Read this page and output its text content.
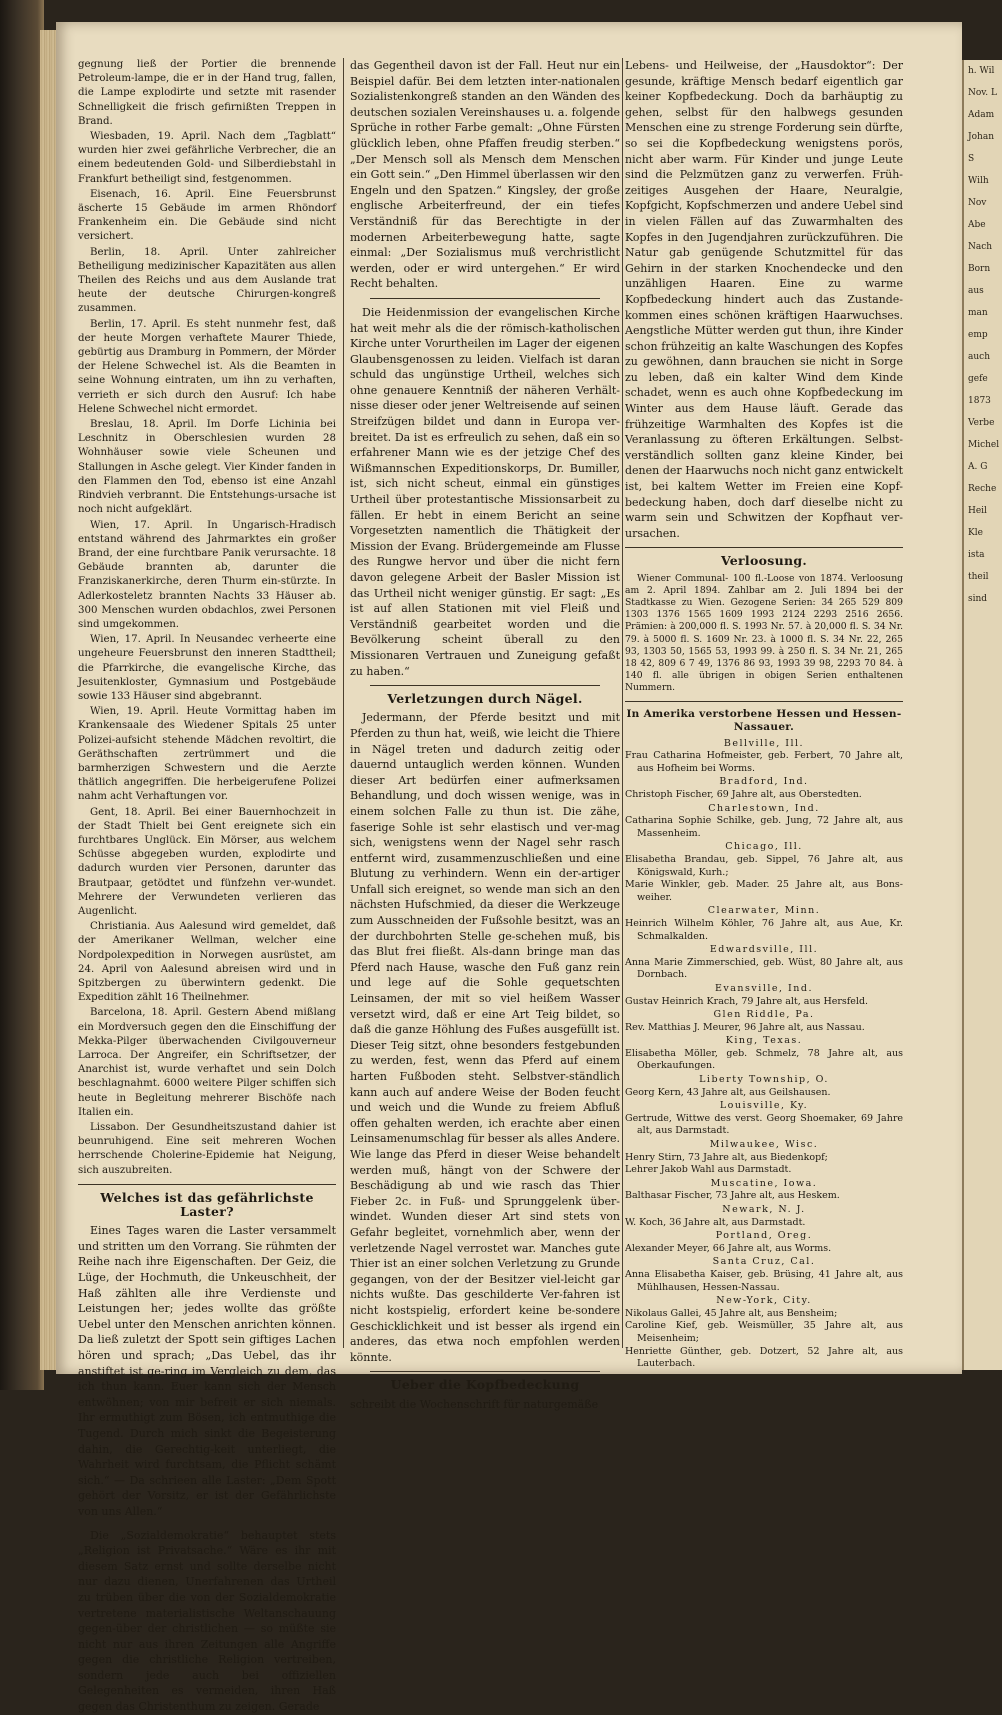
gegnung ließ der Portier die brennende Petroleum-lampe, die er in der Hand trug, fallen, die Lampe explodirte und setzte mit rasender Schnelligkeit die frisch gefirnißten Treppen in Brand.

Wiesbaden, 19. April. Nach dem „Tagblatt“ wurden hier zwei gefährliche Verbrecher, die an einem bedeutenden Gold- und Silberdiebstahl in Frankfurt betheiligt sind, festgenommen.

Eisenach, 16. April. Eine Feuersbrunst äscherte 15 Gebäude im armen Rhöndorf Frankenheim ein. Die Gebäude sind nicht versichert.

Berlin, 18. April. Unter zahlreicher Betheiligung medizinischer Kapazitäten aus allen Theilen des Reichs und aus dem Auslande trat heute der deutsche Chirurgen-kongreß zusammen.

Berlin, 17. April. Es steht nunmehr fest, daß der heute Morgen verhaftete Maurer Thiede, gebürtig aus Dramburg in Pommern, der Mörder der Helene Schwechel ist. Als die Beamten in seine Wohnung eintraten, um ihn zu verhaften, verrieth er sich durch den Ausruf: Ich habe Helene Schwechel nicht ermordet.

Breslau, 18. April. Im Dorfe Lichinia bei Leschnitz in Oberschlesien wurden 28 Wohnhäuser sowie viele Scheunen und Stallungen in Asche gelegt. Vier Kinder fanden in den Flammen den Tod, ebenso ist eine Anzahl Rindvieh verbrannt. Die Entstehungs-ursache ist noch nicht aufgeklärt.

Wien, 17. April. In Ungarisch-Hradisch entstand während des Jahrmarktes ein großer Brand, der eine furchtbare Panik verursachte. 18 Gebäude brannten ab, darunter die Franziskanerkirche, deren Thurm ein-stürzte. In Adlerkosteletz brannten Nachts 33 Häuser ab. 300 Menschen wurden obdachlos, zwei Personen sind umgekommen.

Wien, 17. April. In Neusandec verheerte eine ungeheure Feuersbrunst den inneren Stadttheil; die Pfarrkirche, die evangelische Kirche, das Jesuitenkloster, Gymnasium und Postgebäude sowie 133 Häuser sind abgebrannt.

Wien, 19. April. Heute Vormittag haben im Krankensaale des Wiedener Spitals 25 unter Polizei-aufsicht stehende Mädchen revoltirt, die Geräthschaften zertrümmert und die barmherzigen Schwestern und die Aerzte thätlich angegriffen. Die herbeigerufene Polizei nahm acht Verhaftungen vor.

Gent, 18. April. Bei einer Bauernhochzeit in der Stadt Thielt bei Gent ereignete sich ein furchtbares Unglück. Ein Mörser, aus welchem Schüsse abgegeben wurden, explodirte und dadurch wurden vier Personen, darunter das Brautpaar, getödtet und fünfzehn ver-wundet. Mehrere der Verwundeten verlieren das Augenlicht.

Christiania. Aus Aalesund wird gemeldet, daß der Amerikaner Wellman, welcher eine Nordpolexpedition in Norwegen ausrüstet, am 24. April von Aalesund abreisen wird und in Spitzbergen zu überwintern gedenkt. Die Expedition zählt 16 Theilnehmer.

Barcelona, 18. April. Gestern Abend mißlang ein Mordversuch gegen den die Einschiffung der Mekka-Pilger überwachenden Civilgouverneur Larroca. Der Angreifer, ein Schriftsetzer, der Anarchist ist, wurde verhaftet und sein Dolch beschlagnahmt. 6000 weitere Pilger schiffen sich heute in Begleitung mehrerer Bischöfe nach Italien ein.

Lissabon. Der Gesundheitszustand dahier ist beunruhigend. Eine seit mehreren Wochen herrschende Cholerine-Epidemie hat Neigung, sich auszubreiten.

Welches ist das gefährlichste Laster?

Eines Tages waren die Laster versammelt und stritten um den Vorrang. Sie rühmten der Reihe nach ihre Eigenschaften. Der Geiz, die Lüge, der Hochmuth, die Unkeuschheit, der Haß zählten alle ihre Verdienste und Leistungen her; jedes wollte das größte Uebel unter den Menschen anrichten können. Da ließ zuletzt der Spott sein giftiges Lachen hören und sprach; „Das Uebel, das ihr anstiftet ist ge-ring im Vergleich zu dem, das ich thun kann. Euer kann sich der Mensch entwöhnen; von mir befreit er sich niemals. Ihr ermuthigt zum Bösen, ich entmuthige die Tugend. Durch mich sinkt die Begeisterung dahin, die Gerechtig-keit unterliegt, die Wahrheit wird furchtsam, die Pflicht schämt sich.“ — Da schrieen alle Laster: „Dem Spott gehört der Vorsitz, er ist der Gefährlichste von uns Allen.“

Die „Sozialdemokratie“ behauptet stets „Religion ist Privatsache.“ Wäre es ihr mit diesem Satz ernst und sollte derselbe nicht nur dazu dienen, Unerfahrenen das Urtheil zu trüben über die von der Sozialdemokratie vertretene materialistische Weltanschauung gegen-über der christlichen — so müßte sie nicht nur aus ihren Zeitungen alle Angriffe gegen die christliche Religion vertreiben, sondern jede auch bei offiziellen Gelegenheiten es vermeiden, ihren Haß gegen das Christenthum zu zeigen. Gerade

das Gegentheil davon ist der Fall. Heut nur ein Beispiel dafür. Bei dem letzten inter-nationalen Sozialistenkongreß standen an den Wänden des deutschen sozialen Vereinshauses u. a. folgende Sprüche in rother Farbe gemalt: „Ohne Fürsten glücklich leben, ohne Pfaffen freudig sterben.“ „Der Mensch soll als Mensch dem Menschen ein Gott sein.“ „Den Himmel überlassen wir den Engeln und den Spatzen.“ Kingsley, der große englische Arbeiterfreund, der ein tiefes Verständniß für das Berechtigte in der modernen Arbeiterbewegung hatte, sagte einmal: „Der Sozialismus muß verchristlicht werden, oder er wird untergehen.“ Er wird Recht behalten.

Die Heidenmission der evangelischen Kirche hat weit mehr als die der römisch-katholischen Kirche unter Vorurtheilen im Lager der eigenen Glaubensgenossen zu leiden. Vielfach ist daran schuld das ungünstige Urtheil, welches sich ohne genauere Kenntniß der näheren Verhält-nisse dieser oder jener Weltreisende auf seinen Streifzügen bildet und dann in Europa ver-breitet. Da ist es erfreulich zu sehen, daß ein so erfahrener Mann wie es der jetzige Chef des Wißmannschen Expeditionskorps, Dr. Bumiller, ist, sich nicht scheut, einmal ein günstiges Urtheil über protestantische Missionsarbeit zu fällen. Er hebt in einem Bericht an seine Vorgesetzten namentlich die Thätigkeit der Mission der Evang. Brüdergemeinde am Flusse des Rungwe hervor und über die nicht fern davon gelegene Arbeit der Basler Mission ist das Urtheil nicht weniger günstig. Er sagt: „Es ist auf allen Stationen mit viel Fleiß und Verständniß gearbeitet worden und die Bevölkerung scheint überall zu den Missionaren Vertrauen und Zuneigung gefaßt zu haben.“

Verletzungen durch Nägel.

Jedermann, der Pferde besitzt und mit Pferden zu thun hat, weiß, wie leicht die Thiere in Nägel treten und dadurch zeitig oder dauernd untauglich werden können. Wunden dieser Art bedürfen einer aufmerksamen Behandlung, und doch wissen wenige, was in einem solchen Falle zu thun ist. Die zähe, faserige Sohle ist sehr elastisch und ver-mag sich, wenigstens wenn der Nagel sehr rasch entfernt wird, zusammenzuschließen und eine Blutung zu verhindern. Wenn ein der-artiger Unfall sich ereignet, so wende man sich an den nächsten Hufschmied, da dieser die Werkzeuge zum Ausschneiden der Fußsohle besitzt, was an der durchbohrten Stelle ge-schehen muß, bis das Blut frei fließt. Als-dann bringe man das Pferd nach Hause, wasche den Fuß ganz rein und lege auf die Sohle gequetschten Leinsamen, der mit so viel heißem Wasser versetzt wird, daß er eine Art Teig bildet, so daß die ganze Höhlung des Fußes ausgefüllt ist. Dieser Teig sitzt, ohne besonders festgebunden zu werden, fest, wenn das Pferd auf einem harten Fußboden steht. Selbstver-ständlich kann auch auf andere Weise der Boden feucht und weich und die Wunde zu freiem Abfluß offen gehalten werden, ich erachte aber einen Leinsamenumschlag für besser als alles Andere. Wie lange das Pferd in dieser Weise behandelt werden muß, hängt von der Schwere der Beschädigung ab und wie rasch das Thier Fieber 2c. in Fuß- und Sprunggelenk über-windet. Wunden dieser Art sind stets von Gefahr begleitet, vornehmlich aber, wenn der verletzende Nagel verrostet war. Manches gute Thier ist an einer solchen Verletzung zu Grunde gegangen, von der der Besitzer viel-leicht gar nichts wußte. Das geschilderte Ver-fahren ist nicht kostspielig, erfordert keine be-sondere Geschicklichkeit und ist besser als irgend ein anderes, das etwa noch empfohlen werden könnte.

Ueber die Kopfbedeckung

schreibt die Wochenschrift für naturgemäße

Lebens- und Heilweise, der „Hausdoktor“: Der gesunde, kräftige Mensch bedarf eigentlich gar keiner Kopfbedeckung. Doch da barhäuptig zu gehen, selbst für den halbwegs gesunden Menschen eine zu strenge Forderung sein dürfte, so sei die Kopfbedeckung wenigstens porös, nicht aber warm. Für Kinder und junge Leute sind die Pelzmützen ganz zu verwerfen. Früh-zeitiges Ausgehen der Haare, Neuralgie, Kopfgicht, Kopfschmerzen und andere Uebel sind in vielen Fällen auf das Zuwarmhalten des Kopfes in den Jugendjahren zurückzuführen. Die Natur gab genügende Schutzmittel für das Gehirn in der starken Knochendecke und den unzähligen Haaren. Eine zu warme Kopfbedeckung hindert auch das Zustande-kommen eines schönen kräftigen Haarwuchses. Aengstliche Mütter werden gut thun, ihre Kinder schon frühzeitig an kalte Waschungen des Kopfes zu gewöhnen, dann brauchen sie nicht in Sorge zu leben, daß ein kalter Wind dem Kinde schadet, wenn es auch ohne Kopfbedeckung im Winter aus dem Hause läuft. Gerade das frühzeitige Warmhalten des Kopfes ist die Veranlassung zu öfteren Erkältungen. Selbst-verständlich sollten ganz kleine Kinder, bei denen der Haarwuchs noch nicht ganz entwickelt ist, bei kaltem Wetter im Freien eine Kopf-bedeckung haben, doch darf dieselbe nicht zu warm sein und Schwitzen der Kopfhaut ver-ursachen.

Verloosung.

Wiener Communal- 100 fl.-Loose von 1874. Verloosung am 2. April 1894. Zahlbar am 2. Juli 1894 bei der Stadtkasse zu Wien. Gezogene Serien: 34 265 529 809 1303 1376 1565 1609 1993 2124 2293 2516 2656. Prämien: à 200,000 fl. S. 1993 Nr. 57. à 20,000 fl. S. 34 Nr. 79. à 5000 fl. S. 1609 Nr. 23. à 1000 fl. S. 34 Nr. 22, 265 93, 1303 50, 1565 53, 1993 99. à 250 fl. S. 34 Nr. 21, 265 18 42, 809 6 7 49, 1376 86 93, 1993 39 98, 2293 70 84. à 140 fl. alle übrigen in obigen Serien enthaltenen Nummern.

In Amerika verstorbene Hessen und Hessen-Nassauer.
Bellville, Ill.
Frau Catharina Hofmeister, geb. Ferbert, 70 Jahre alt, aus Hofheim bei Worms.
Bradford, Ind.
Christoph Fischer, 69 Jahre alt, aus Oberstedten.
Charlestown, Ind.
Catharina Sophie Schilke, geb. Jung, 72 Jahre alt, aus Massenheim.
Chicago, Ill.
Elisabetha Brandau, geb. Sippel, 76 Jahre alt, aus Königswald, Kurh.;
Marie Winkler, geb. Mader. 25 Jahre alt, aus Bons-weiher.
Clearwater, Minn.
Heinrich Wilhelm Köhler, 76 Jahre alt, aus Aue, Kr. Schmalkalden.
Edwardsville, Ill.
Anna Marie Zimmerschied, geb. Wüst, 80 Jahre alt, aus Dornbach.
Evansville, Ind.
Gustav Heinrich Krach, 79 Jahre alt, aus Hersfeld.
Glen Riddle, Pa.
Rev. Matthias J. Meurer, 96 Jahre alt, aus Nassau.
King, Texas.
Elisabetha Möller, geb. Schmelz, 78 Jahre alt, aus Oberkaufungen.
Liberty Township, O.
Georg Kern, 43 Jahre alt, aus Geilshausen.
Louisville, Ky.
Gertrude, Wittwe des verst. Georg Shoemaker, 69 Jahre alt, aus Darmstadt.
Milwaukee, Wisc.
Henry Stirn, 73 Jahre alt, aus Biedenkopf;
Lehrer Jakob Wahl aus Darmstadt.
Muscatine, Iowa.
Balthasar Fischer, 73 Jahre alt, aus Heskem.
Newark, N. J.
W. Koch, 36 Jahre alt, aus Darmstadt.
Portland, Oreg.
Alexander Meyer, 66 Jahre alt, aus Worms.
Santa Cruz, Cal.
Anna Elisabetha Kaiser, geb. Brüsing, 41 Jahre alt, aus Mühlhausen, Hessen-Nassau.
New-York, City.
Nikolaus Gallei, 45 Jahre alt, aus Bensheim;
Caroline Kief, geb. Weismüller, 35 Jahre alt, aus Meisenheim;
Henriette Günther, geb. Dotzert, 52 Jahre alt, aus Lauterbach.
h. Wil
Nov. L
Adam
Johan
S
Wilh
Nov
Abe
Nach
Born
aus
man
emp
auch
gefe
1873
Verbe
Michel
A. G
Reche
Heil
Kle
ista
theil
sind
